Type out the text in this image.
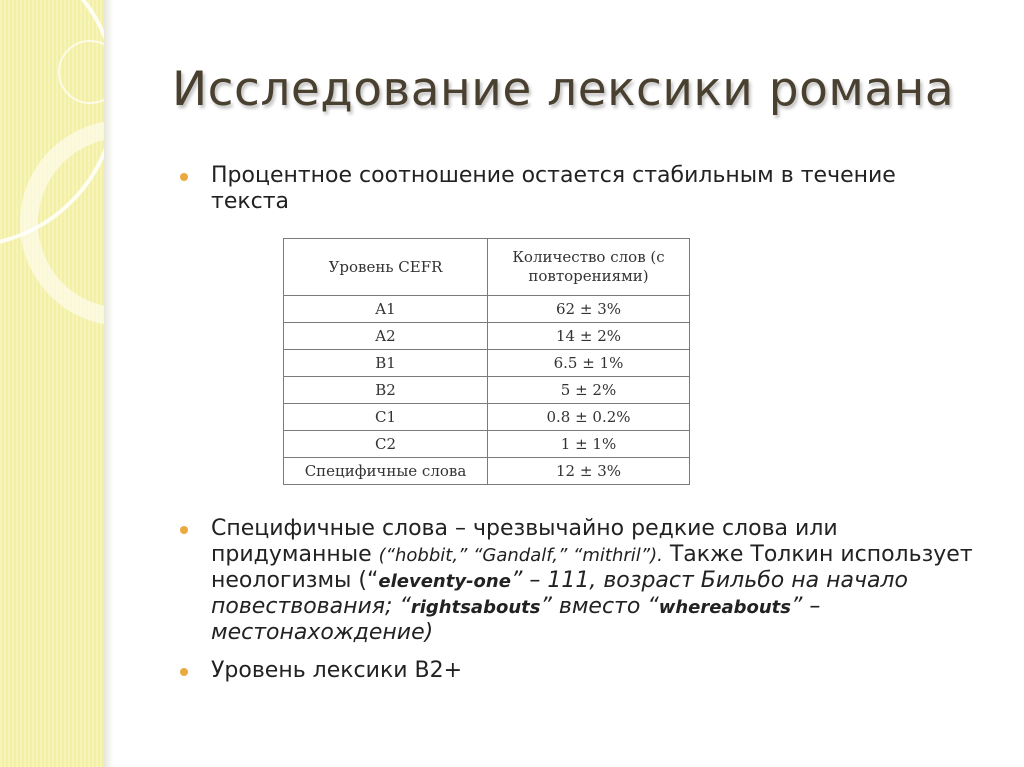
Исследование лексики романа
Процентное соотношение остается стабильным в течение текста
Уровень CEFR	Количество слов (с повторениями)
A1	62 ± 3%
A2	14 ± 2%
B1	6.5 ± 1%
B2	5 ± 2%
C1	0.8 ± 0.2%
C2	1 ± 1%
Специфичные слова	12 ± 3%
Специфичные слова – чрезвычайно редкие слова или придуманные (“hobbit,” “Gandalf,” “mithril”). Также Толкин использует неологизмы (“eleventy-one” – 111, возраст Бильбо на начало повествования; “rightsabouts” вместо “whereabouts” – местонахождение)
Уровень лексики B2+
